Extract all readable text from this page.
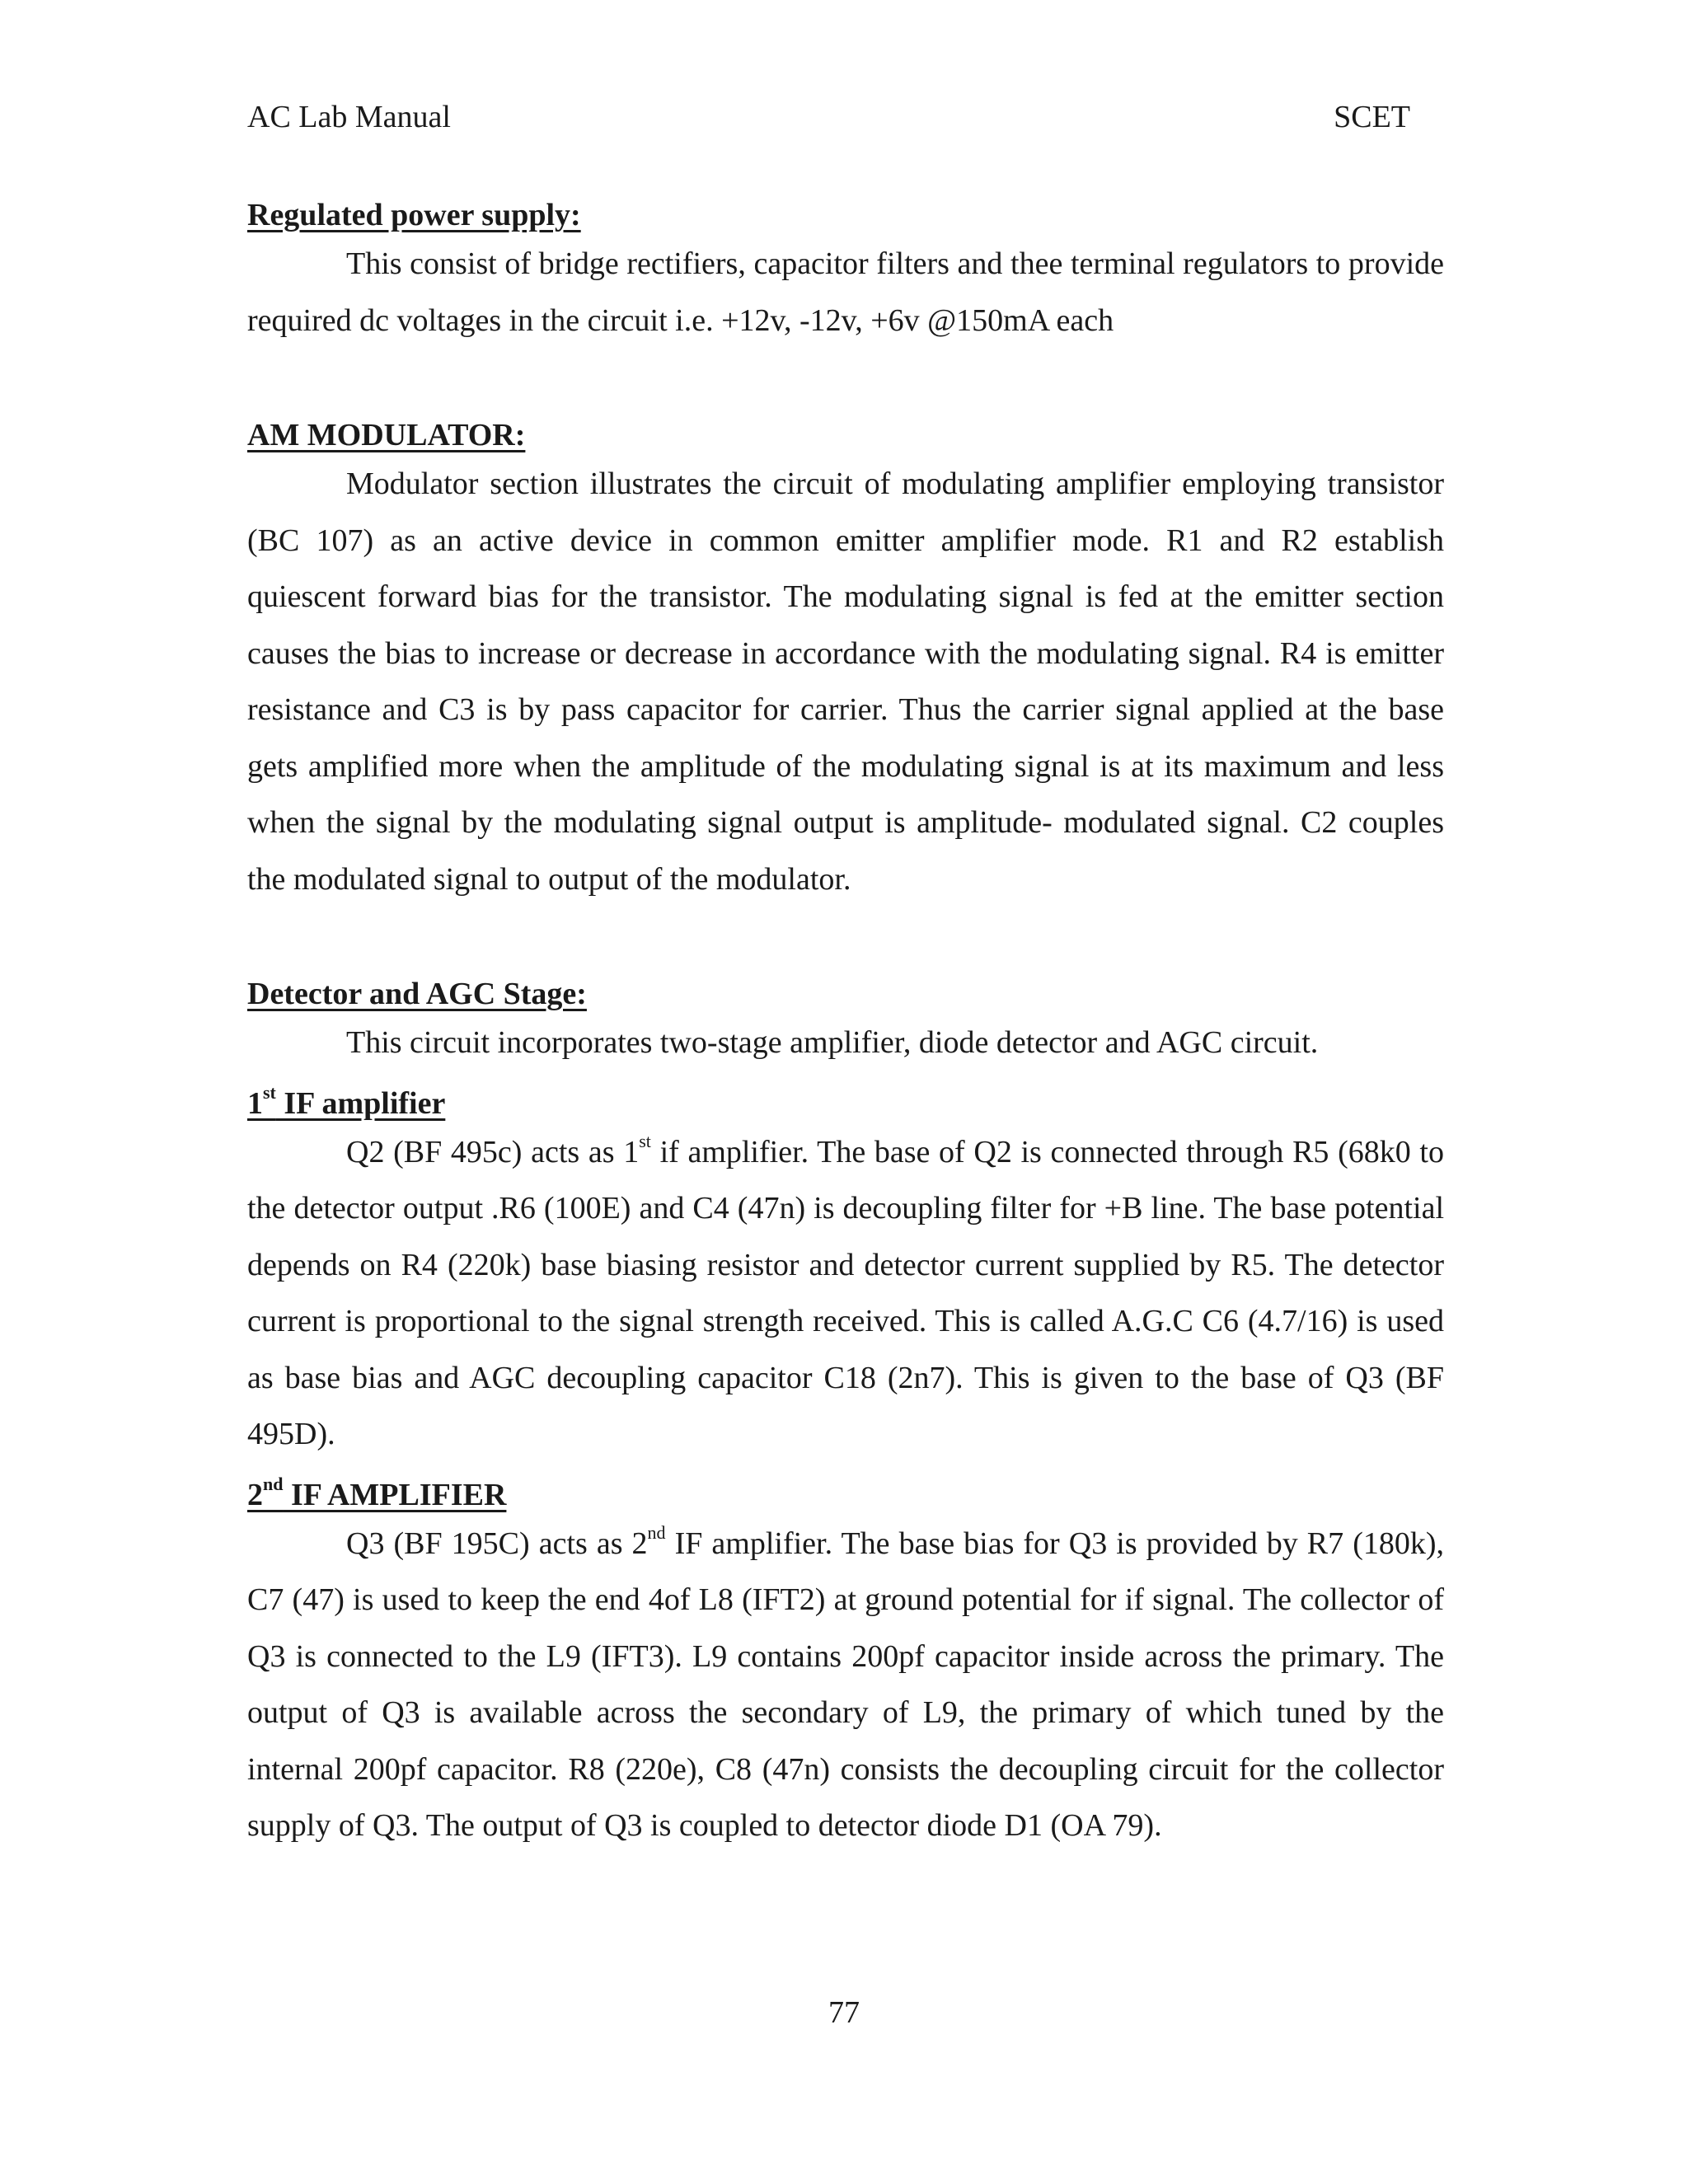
AC Lab Manual	SCET

Regulated power supply:

This consist of bridge rectifiers, capacitor filters and thee terminal regulators to provide required dc voltages in the circuit i.e. +12v, -12v, +6v @150mA each

AM MODULATOR:

Modulator section illustrates the circuit of modulating amplifier employing transistor (BC 107) as an active device in common emitter amplifier mode. R1 and R2 establish quiescent forward bias for the transistor. The modulating signal is fed at the emitter section causes the bias to increase or decrease in accordance with the modulating signal. R4 is emitter resistance and C3 is by pass capacitor for carrier. Thus the carrier signal applied at the base gets amplified more when the amplitude of the modulating signal is at its maximum and less when the signal by the modulating signal output is amplitude- modulated signal. C2 couples the modulated signal to output of the modulator.

Detector and AGC Stage:

This circuit incorporates two-stage amplifier, diode detector and AGC circuit.

1st IF amplifier

Q2 (BF 495c) acts as 1st if amplifier. The base of Q2 is connected through R5 (68k0 to the detector output .R6 (100E) and C4 (47n) is decoupling filter for +B line. The base potential depends on R4 (220k) base biasing resistor and detector current supplied by R5. The detector current is proportional to the signal strength received. This is called A.G.C C6 (4.7/16) is used as base bias and AGC decoupling capacitor C18 (2n7). This is given to the base of Q3 (BF 495D).

2nd IF AMPLIFIER

Q3 (BF 195C) acts as 2nd IF amplifier. The base bias for Q3 is provided by R7 (180k), C7 (47) is used to keep the end 4of L8 (IFT2) at ground potential for if signal. The collector of Q3 is connected to the L9 (IFT3). L9 contains 200pf capacitor inside across the primary. The output of Q3 is available across the secondary of L9, the primary of which tuned by the internal 200pf capacitor. R8 (220e), C8 (47n) consists the decoupling circuit for the collector supply of Q3. The output of Q3 is coupled to detector diode D1 (OA 79).

77
